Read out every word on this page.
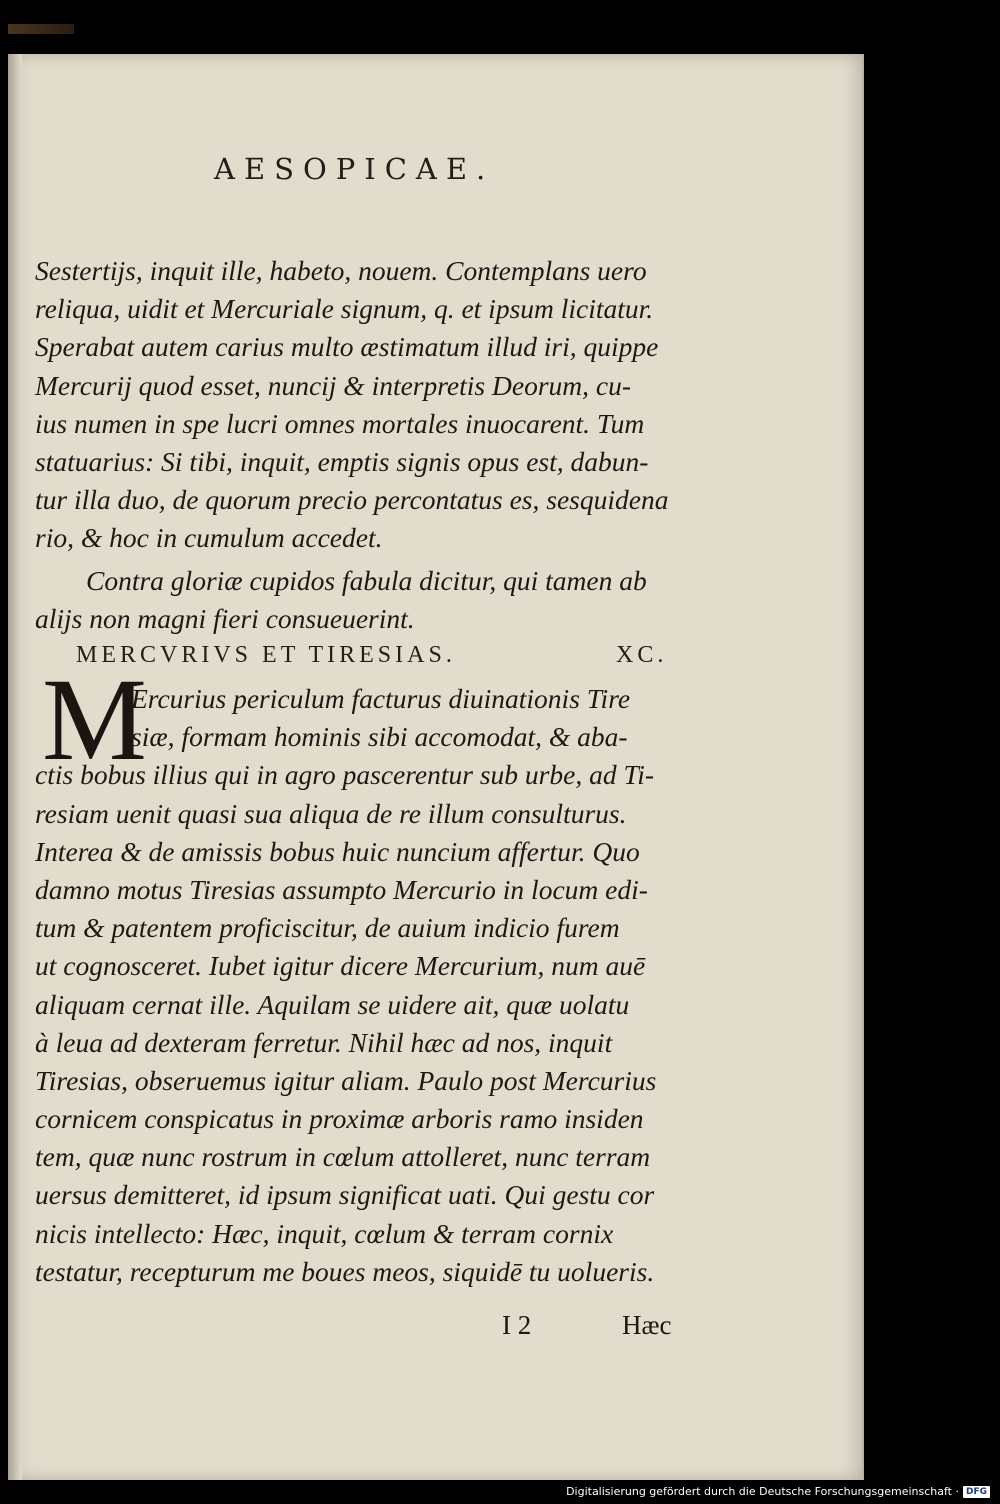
AESOPICAE.
Sestertijs, inquit ille, habeto, nouem. Contemplans uero
reliqua, uidit et Mercuriale signum, q. et ipsum licitatur.
Sperabat autem carius multo æstimatum illud iri, quippe
Mercurij quod esset, nuncij & interpretis Deorum, cu-
ius numen in spe lucri omnes mortales inuocarent. Tum
statuarius: Si tibi, inquit, emptis signis opus est, dabun-
tur illa duo, de quorum precio percontatus es, sesquidena
rio, & hoc in cumulum accedet.
Contra gloriæ cupidos fabula dicitur, qui tamen ab
alijs non magni fieri consueuerint.
MERCVRIVS ET TIRESIAS.	XC.
M
Ercurius periculum facturus diuinationis Tire
siæ, formam hominis sibi accomodat, & aba-
ctis bobus illius qui in agro pascerentur sub urbe, ad Ti-
resiam uenit quasi sua aliqua de re illum consulturus.
Interea & de amissis bobus huic nuncium affertur. Quo
damno motus Tiresias assumpto Mercurio in locum edi-
tum & patentem proficiscitur, de auium indicio furem
ut cognosceret. Iubet igitur dicere Mercurium, num auē
aliquam cernat ille. Aquilam se uidere ait, quæ uolatu
à leua ad dexteram ferretur. Nihil hæc ad nos, inquit
Tiresias, obseruemus igitur aliam. Paulo post Mercurius
cornicem conspicatus in proximæ arboris ramo insiden
tem, quæ nunc rostrum in cœlum attolleret, nunc terram
uersus demitteret, id ipsum significat uati. Qui gestu cor
nicis intellecto: Hæc, inquit, cœlum & terram cornix
testatur, recepturum me boues meos, siquidē tu uolueris.
I 2	Hæc
Digitalisierung gefördert durch die Deutsche Forschungsgemeinschaft · DFG
